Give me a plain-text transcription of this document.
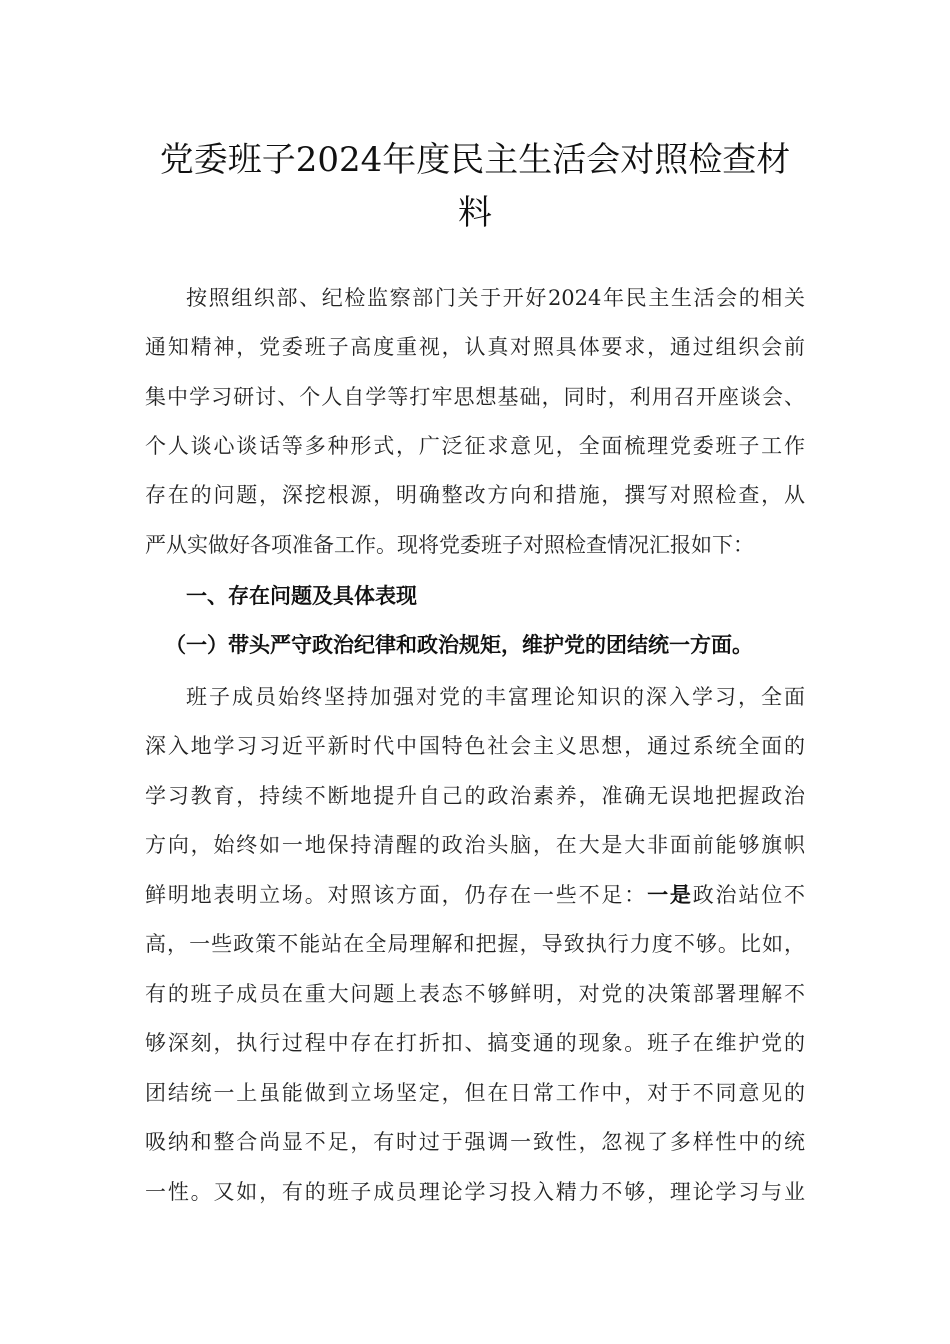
党委班子2024年度民主生活会对照检查材
料
按照组织部、纪检监察部门关于开好2024年民主生活会的相关
通知精神，党委班子高度重视，认真对照具体要求，通过组织会前
集中学习研讨、个人自学等打牢思想基础，同时，利用召开座谈会、
个人谈心谈话等多种形式，广泛征求意见，全面梳理党委班子工作
存在的问题，深挖根源，明确整改方向和措施，撰写对照检查，从
严从实做好各项准备工作。现将党委班子对照检查情况汇报如下：
一、存在问题及具体表现
（一）带头严守政治纪律和政治规矩，维护党的团结统一方面。
班子成员始终坚持加强对党的丰富理论知识的深入学习，全面
深入地学习习近平新时代中国特色社会主义思想，通过系统全面的
学习教育，持续不断地提升自己的政治素养，准确无误地把握政治
方向，始终如一地保持清醒的政治头脑，在大是大非面前能够旗帜
鲜明地表明立场。对照该方面，仍存在一些不足：一是政治站位不
高，一些政策不能站在全局理解和把握，导致执行力度不够。比如，
有的班子成员在重大问题上表态不够鲜明，对党的决策部署理解不
够深刻，执行过程中存在打折扣、搞变通的现象。班子在维护党的
团结统一上虽能做到立场坚定，但在日常工作中，对于不同意见的
吸纳和整合尚显不足，有时过于强调一致性，忽视了多样性中的统
一性。又如，有的班子成员理论学习投入精力不够，理论学习与业
